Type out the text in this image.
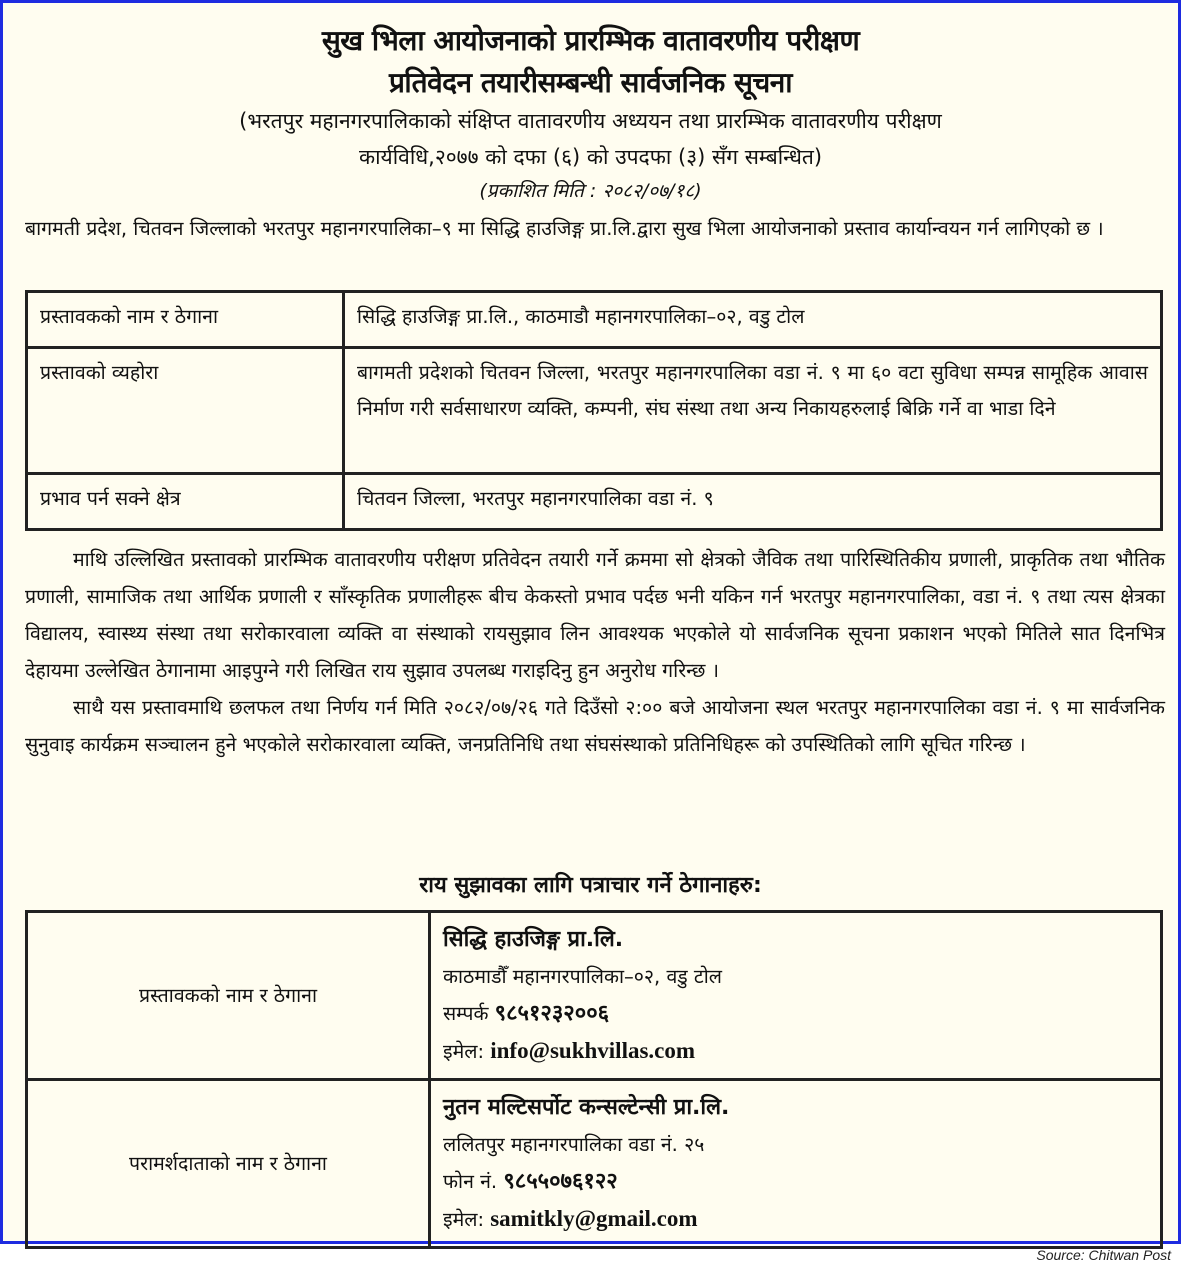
सुख भिला आयोजनाको प्रारम्भिक वातावरणीय परीक्षण
प्रतिवेदन तयारीसम्बन्धी सार्वजनिक सूचना
(भरतपुर महानगरपालिकाको संक्षिप्त वातावरणीय अध्ययन तथा प्रारम्भिक वातावरणीय परीक्षण
कार्यविधि,२०७७ को दफा (६) को उपदफा (३) सँग सम्बन्धित)
(प्रकाशित मिति : २०८२/०७/१८)
बागमती प्रदेश, चितवन जिल्लाको भरतपुर महानगरपालिका–९ मा सिद्धि हाउजिङ्ग प्रा.लि.द्वारा सुख भिला आयोजनाको प्रस्ताव कार्यान्वयन गर्न लागिएको छ ।
प्रस्तावकको नाम र ठेगाना	सिद्धि हाउजिङ्ग प्रा.लि., काठमाडौ महानगरपालिका–०२, वडु टोल
प्रस्तावको व्यहोरा	बागमती प्रदेशको चितवन जिल्ला, भरतपुर महानगरपालिका वडा नं. ९ मा ६० वटा सुविधा सम्पन्न सामूहिक आवास निर्माण गरी सर्वसाधारण व्यक्ति, कम्पनी, संघ संस्था तथा अन्य निकायहरुलाई बिक्रि गर्ने वा भाडा दिने
प्रभाव पर्न सक्ने क्षेत्र	चितवन जिल्ला, भरतपुर महानगरपालिका वडा नं. ९

माथि उल्लिखित प्रस्तावको प्रारम्भिक वातावरणीय परीक्षण प्रतिवेदन तयारी गर्ने क्रममा सो क्षेत्रको जैविक तथा पारिस्थितिकीय प्रणाली, प्राकृतिक तथा भौतिक प्रणाली, सामाजिक तथा आर्थिक प्रणाली र साँस्कृतिक प्रणालीहरू बीच केकस्तो प्रभाव पर्दछ भनी यकिन गर्न भरतपुर महानगरपालिका, वडा नं. ९ तथा त्यस क्षेत्रका विद्यालय, स्वास्थ्य संस्था तथा सरोकारवाला व्यक्ति वा संस्थाको रायसुझाव लिन आवश्यक भएकोले यो सार्वजनिक सूचना प्रकाशन भएको मितिले सात दिनभित्र देहायमा उल्लेखित ठेगानामा आइपुग्ने गरी लिखित राय सुझाव उपलब्ध गराइदिनु हुन अनुरोध गरिन्छ ।

साथै यस प्रस्तावमाथि छलफल तथा निर्णय गर्न मिति २०८२/०७/२६ गते दिउँसो २:०० बजे आयोजना स्थल भरतपुर महानगरपालिका वडा नं. ९ मा सार्वजनिक सुनुवाइ कार्यक्रम सञ्चालन हुने भएकोले सरोकारवाला व्यक्ति, जनप्रतिनिधि तथा संघसंस्थाको प्रतिनिधिहरू को उपस्थितिको लागि सूचित गरिन्छ ।

राय सुझावका लागि पत्राचार गर्ने ठेगानाहरु:
प्रस्तावकको नाम र ठेगाना	सिद्धि हाउजिङ्ग प्रा.लि.
काठमाडौँ महानगरपालिका–०२, वडु टोल
सम्पर्क ९८५१२३२००६
इमेल: info@sukhvillas.com

परामर्शदाताको नाम र ठेगाना	नुतन मल्टिसर्पोट कन्सल्टेन्सी प्रा.लि.
ललितपुर महानगरपालिका वडा नं. २५
फोन नं. ९८५५०७६१२२
इमेल: samitkly@gmail.com
Source: Chitwan Post
